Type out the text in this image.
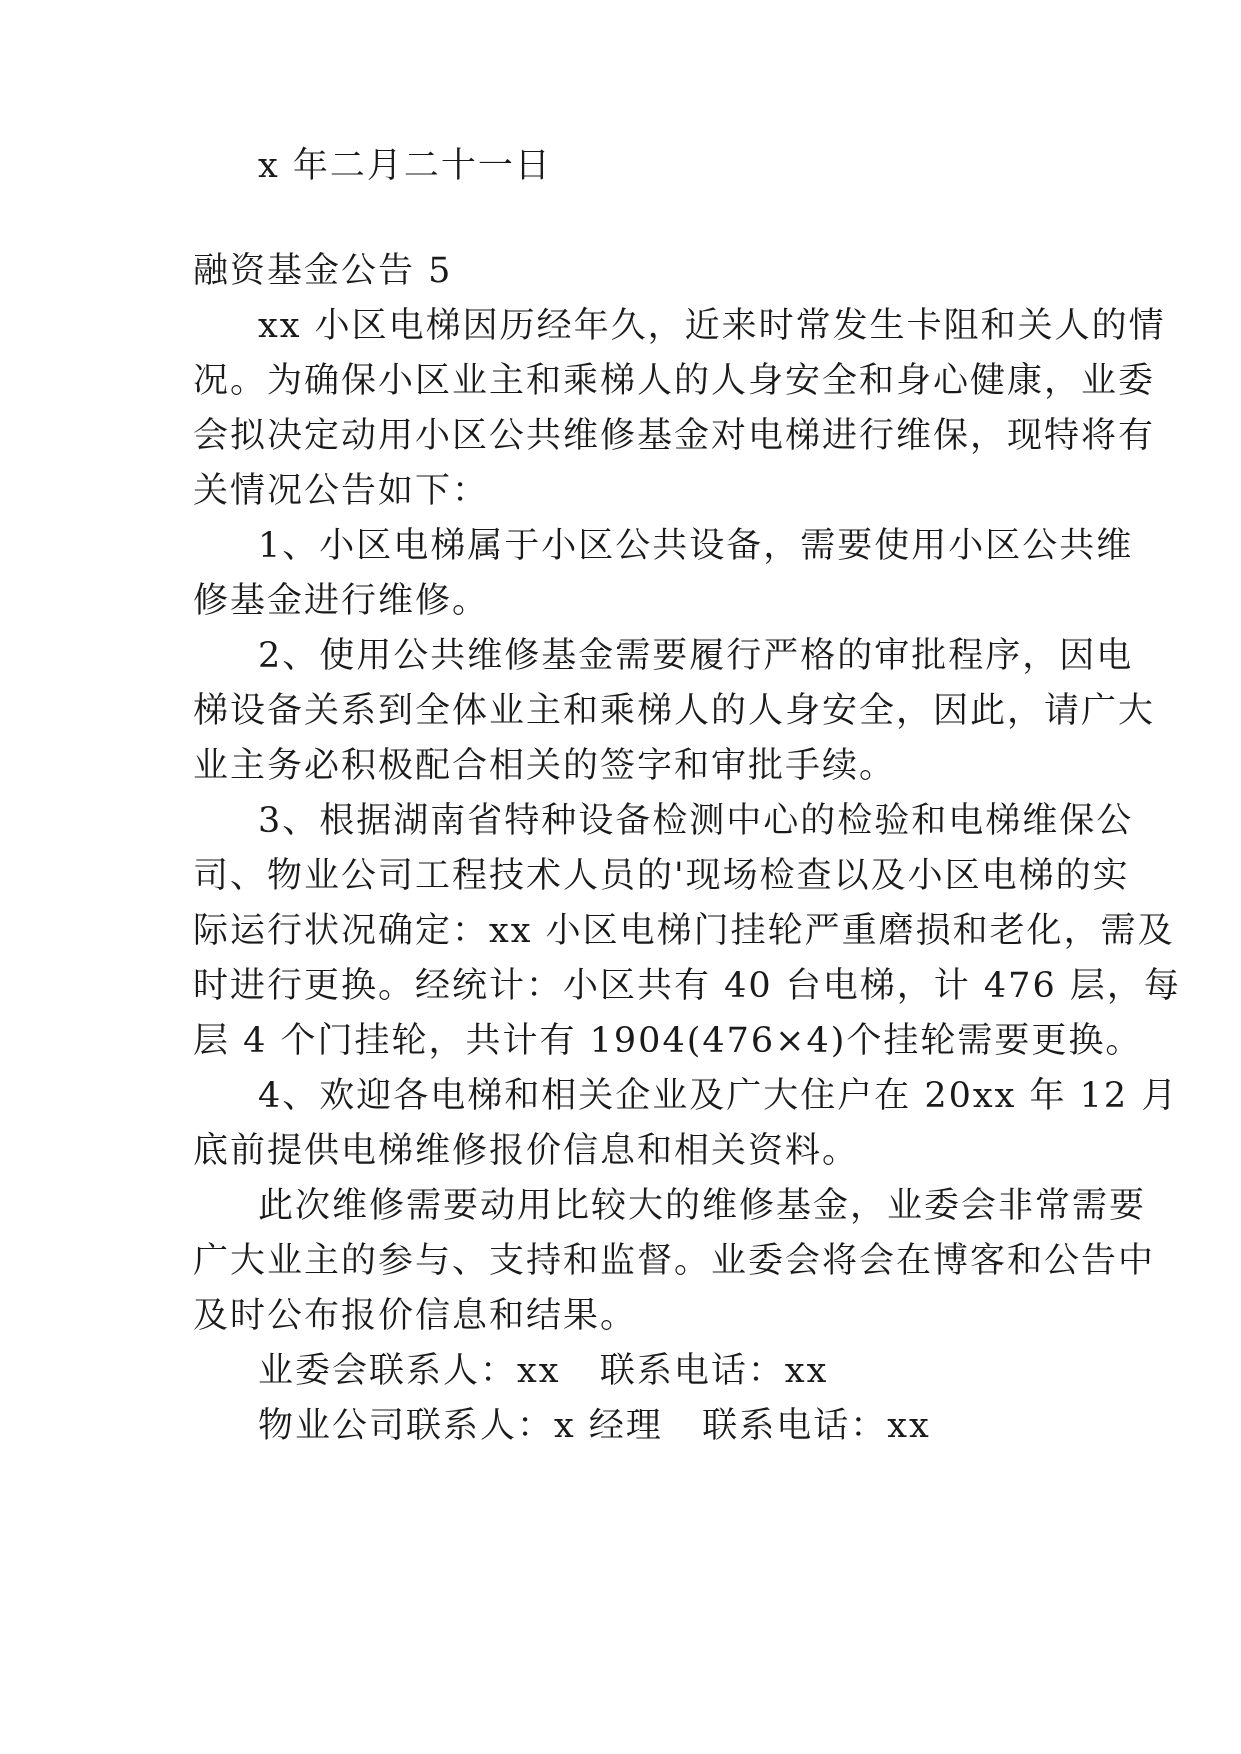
x 年二月二十一日
融资基金公告 5
xx 小区电梯因历经年久，近来时常发生卡阻和关人的情
况。为确保小区业主和乘梯人的人身安全和身心健康，业委
会拟决定动用小区公共维修基金对电梯进行维保，现特将有
关情况公告如下：
1、小区电梯属于小区公共设备，需要使用小区公共维
修基金进行维修。
2、使用公共维修基金需要履行严格的审批程序，因电
梯设备关系到全体业主和乘梯人的人身安全，因此，请广大
业主务必积极配合相关的签字和审批手续。
3、根据湖南省特种设备检测中心的检验和电梯维保公
司、物业公司工程技术人员的'现场检查以及小区电梯的实
际运行状况确定：xx 小区电梯门挂轮严重磨损和老化，需及
时进行更换。经统计：小区共有 40 台电梯，计 476 层，每
层 4 个门挂轮，共计有 1904(476×4)个挂轮需要更换。
4、欢迎各电梯和相关企业及广大住户在 20xx 年 12 月
底前提供电梯维修报价信息和相关资料。
此次维修需要动用比较大的维修基金，业委会非常需要
广大业主的参与、支持和监督。业委会将会在博客和公告中
及时公布报价信息和结果。
业委会联系人：xx   联系电话：xx
物业公司联系人：x 经理   联系电话：xx
